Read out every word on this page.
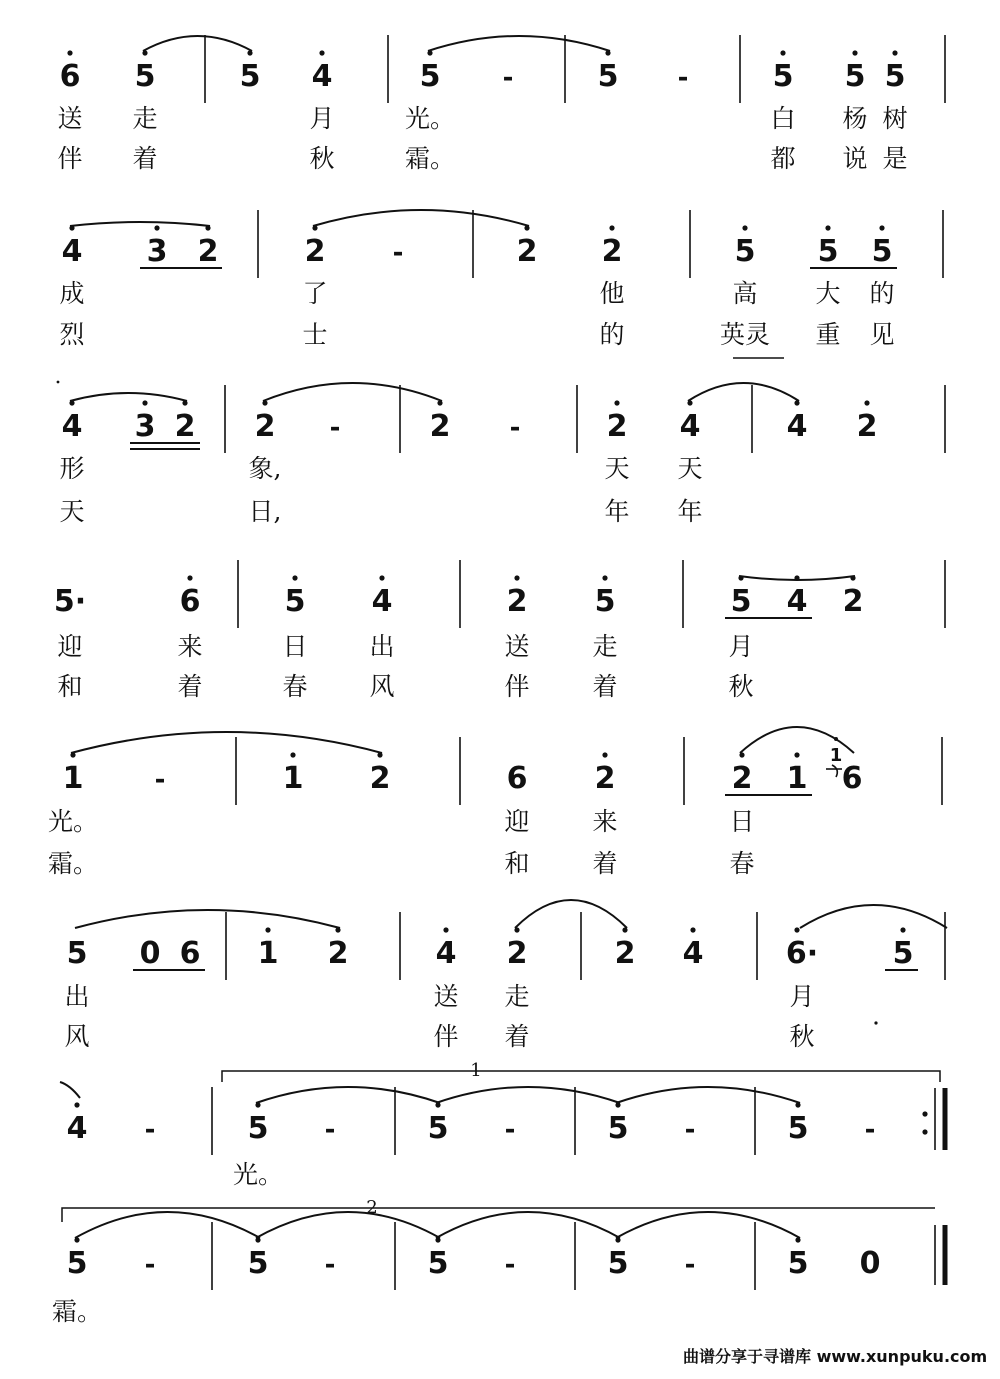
6 5	5 4	5 -	5 -	5 5 5
送 走	月	光。	白 杨 树
伴 着	秋	霜。	都 说 是
4 3 2	2	-	2 2	5 5 5
成	了	他	高 大 的
烈	士	的	英灵 重 见
4 3 2 2 -	2 -	2 4	4 2
形	象,	天 天
天	日,	年 年
5·	6	5 4	2 5	5 4 2
迎	来	日 出	送	走	月
和	着	春 风	伴	着	秋
1	-	1 2	6 2	2 1 6
光。	迎	来	日
霜。	和	着	春
5 0 6 1 2	4 2	2 4	6· 5
出	送 走	月
风	伴 着	秋
4 -	5 -	5 -	5 -	5 -
光。
5 -	5 -	5 -	5 -	5 0
霜。
1
1
2
曲谱分享于寻谱库 www.xunpuku.com
